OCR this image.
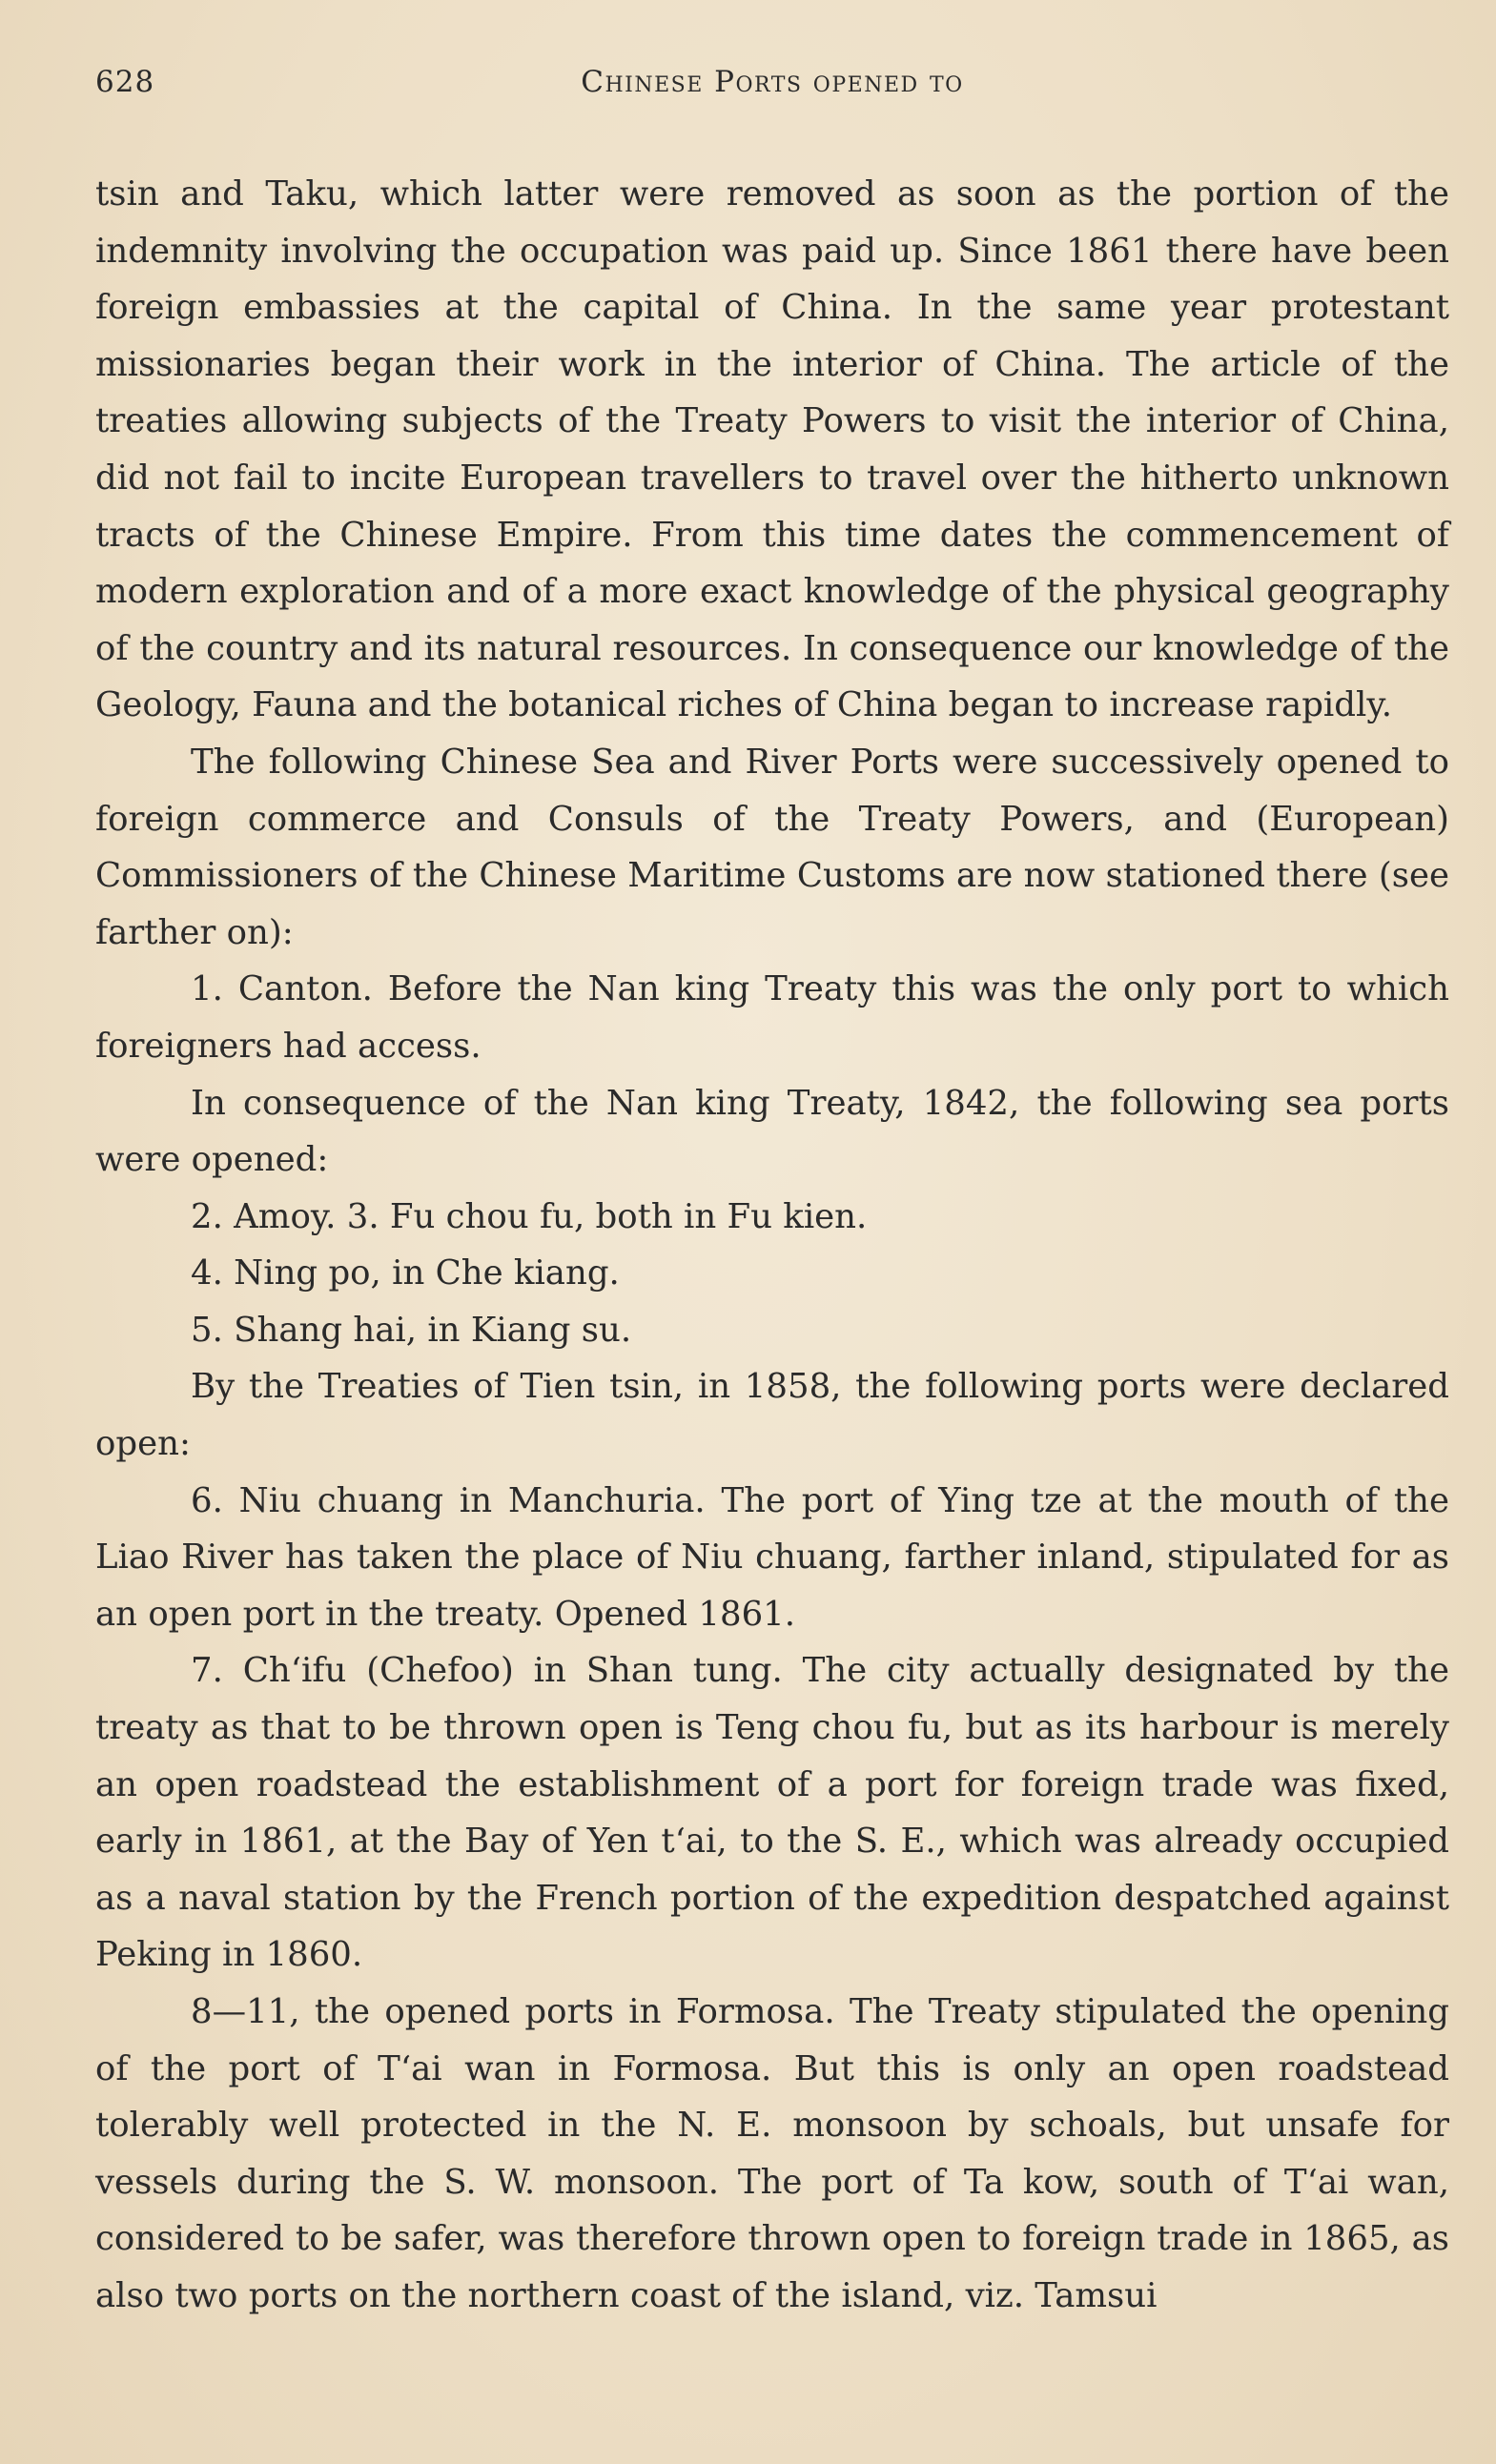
628	Chinese Ports opened to

tsin and Taku, which latter were removed as soon as the portion of the indemnity involving the occupation was paid up. Since 1861 there have been foreign embassies at the capital of China. In the same year protestant missionaries began their work in the interior of China. The article of the treaties allowing subjects of the Treaty Powers to visit the interior of China, did not fail to incite European travellers to travel over the hitherto unknown tracts of the Chinese Empire. From this time dates the commencement of modern exploration and of a more exact knowledge of the physical geography of the country and its natural resources. In consequence our knowledge of the Geology, Fauna and the botanical riches of China began to increase rapidly.

The following Chinese Sea and River Ports were successively opened to foreign commerce and Consuls of the Treaty Powers, and (European) Commissioners of the Chinese Maritime Customs are now stationed there (see farther on):

1. Canton. Before the Nan king Treaty this was the only port to which foreigners had access.

In consequence of the Nan king Treaty, 1842, the following sea ports were opened:

2. Amoy. 3. Fu chou fu, both in Fu kien.

4. Ning po, in Che kiang.

5. Shang hai, in Kiang su.

By the Treaties of Tien tsin, in 1858, the following ports were declared open:

6. Niu chuang in Manchuria. The port of Ying tze at the mouth of the Liao River has taken the place of Niu chuang, farther inland, stipulated for as an open port in the treaty. Opened 1861.

7. Chʻifu (Chefoo) in Shan tung. The city actually designated by the treaty as that to be thrown open is Teng chou fu, but as its harbour is merely an open roadstead the establishment of a port for foreign trade was fixed, early in 1861, at the Bay of Yen tʻai, to the S. E., which was already occupied as a naval station by the French portion of the expedition despatched against Peking in 1860.

8—11, the opened ports in Formosa. The Treaty stipulated the opening of the port of Tʻai wan in Formosa. But this is only an open roadstead tolerably well protected in the N. E. monsoon by schoals, but unsafe for vessels during the S. W. monsoon. The port of Ta kow, south of Tʻai wan, considered to be safer, was therefore thrown open to foreign trade in 1865, as also two ports on the northern coast of the island, viz. Tamsui
